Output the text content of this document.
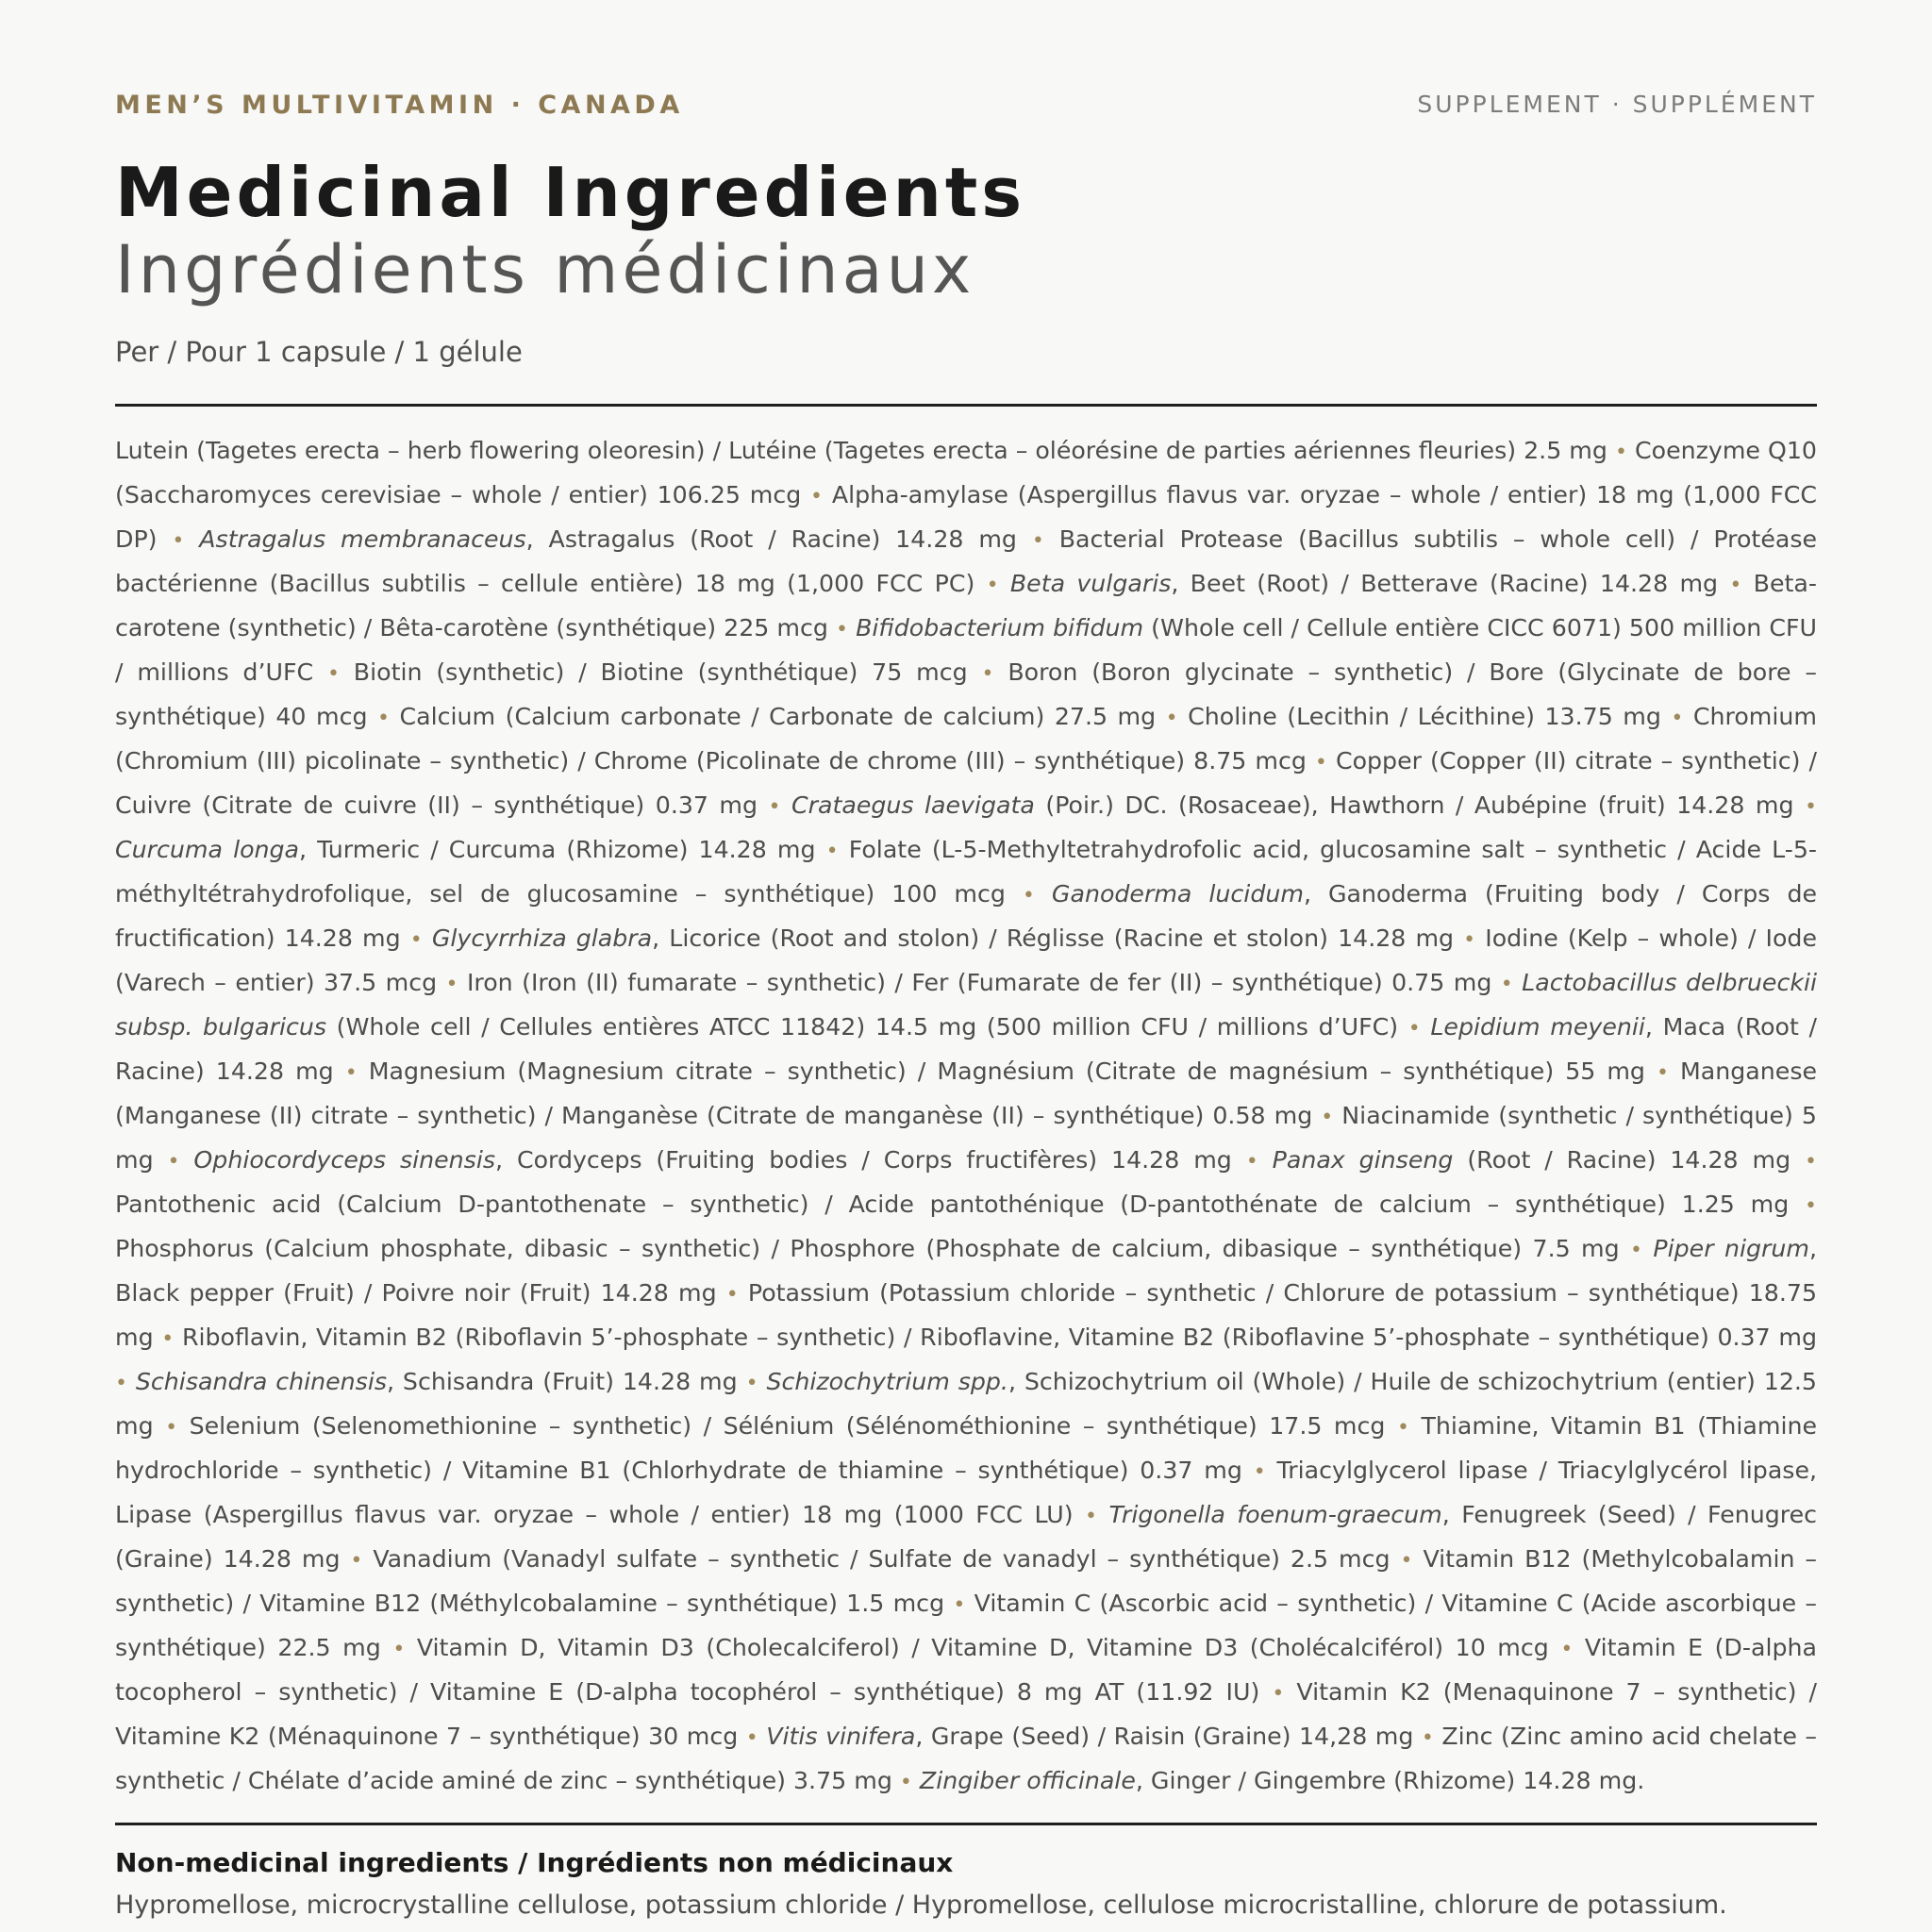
MEN’S MULTIVITAMIN · CANADA	SUPPLEMENT · SUPPLÉMENT
Medicinal Ingredients
Ingrédients médicinaux
Per / Pour 1 capsule / 1 gélule

Lutein (Tagetes erecta – herb flowering oleoresin) / Lutéine (Tagetes erecta – oléorésine de parties aériennes fleuries) 2.5 mg • Coenzyme Q10 (Saccharomyces cerevisiae – whole / entier) 106.25 mcg • Alpha-amylase (Aspergillus flavus var. oryzae – whole / entier) 18 mg (1,000 FCC DP) • Astragalus membranaceus, Astragalus (Root / Racine) 14.28 mg • Bacterial Protease (Bacillus subtilis – whole cell) / Protéase bactérienne (Bacillus subtilis – cellule entière) 18 mg (1,000 FCC PC) • Beta vulgaris, Beet (Root) / Betterave (Racine) 14.28 mg • Beta-carotene (synthetic) / Bêta-carotène (synthétique) 225 mcg • Bifidobacterium bifidum (Whole cell / Cellule entière CICC 6071) 500 million CFU / millions d’UFC • Biotin (synthetic) / Biotine (synthétique) 75 mcg • Boron (Boron glycinate – synthetic) / Bore (Glycinate de bore – synthétique) 40 mcg • Calcium (Calcium carbonate / Carbonate de calcium) 27.5 mg • Choline (Lecithin / Lécithine) 13.75 mg • Chromium (Chromium (III) picolinate – synthetic) / Chrome (Picolinate de chrome (III) – synthétique) 8.75 mcg • Copper (Copper (II) citrate – synthetic) / Cuivre (Citrate de cuivre (II) – synthétique) 0.37 mg • Crataegus laevigata (Poir.) DC. (Rosaceae), Hawthorn / Aubépine (fruit) 14.28 mg • Curcuma longa, Turmeric / Curcuma (Rhizome) 14.28 mg • Folate (L-5-Methyltetrahydrofolic acid, glucosamine salt – synthetic / Acide L-5-méthyltétrahydrofolique, sel de glucosamine – synthétique) 100 mcg • Ganoderma lucidum, Ganoderma (Fruiting body / Corps de fructification) 14.28 mg • Glycyrrhiza glabra, Licorice (Root and stolon) / Réglisse (Racine et stolon) 14.28 mg • Iodine (Kelp – whole) / Iode (Varech – entier) 37.5 mcg • Iron (Iron (II) fumarate – synthetic) / Fer (Fumarate de fer (II) – synthétique) 0.75 mg • Lactobacillus delbrueckii subsp. bulgaricus (Whole cell / Cellules entières ATCC 11842) 14.5 mg (500 million CFU / millions d’UFC) • Lepidium meyenii, Maca (Root / Racine) 14.28 mg • Magnesium (Magnesium citrate – synthetic) / Magnésium (Citrate de magnésium – synthétique) 55 mg • Manganese (Manganese (II) citrate – synthetic) / Manganèse (Citrate de manganèse (II) – synthétique) 0.58 mg • Niacinamide (synthetic / synthétique) 5 mg • Ophiocordyceps sinensis, Cordyceps (Fruiting bodies / Corps fructifères) 14.28 mg • Panax ginseng (Root / Racine) 14.28 mg • Pantothenic acid (Calcium D-pantothenate – synthetic) / Acide pantothénique (D-pantothénate de calcium – synthétique) 1.25 mg • Phosphorus (Calcium phosphate, dibasic – synthetic) / Phosphore (Phosphate de calcium, dibasique – synthétique) 7.5 mg • Piper nigrum, Black pepper (Fruit) / Poivre noir (Fruit) 14.28 mg • Potassium (Potassium chloride – synthetic / Chlorure de potassium – synthétique) 18.75 mg • Riboflavin, Vitamin B2 (Riboflavin 5’-phosphate – synthetic) / Riboflavine, Vitamine B2 (Riboflavine 5’-phosphate – synthétique) 0.37 mg • Schisandra chinensis, Schisandra (Fruit) 14.28 mg • Schizochytrium spp., Schizochytrium oil (Whole) / Huile de schizochytrium (entier) 12.5 mg • Selenium (Selenomethionine – synthetic) / Sélénium (Sélénométhionine – synthétique) 17.5 mcg • Thiamine, Vitamin B1 (Thiamine hydrochloride – synthetic) / Vitamine B1 (Chlorhydrate de thiamine – synthétique) 0.37 mg • Triacylglycerol lipase / Triacylglycérol lipase, Lipase (Aspergillus flavus var. oryzae – whole / entier) 18 mg (1000 FCC LU) • Trigonella foenum-graecum, Fenugreek (Seed) / Fenugrec (Graine) 14.28 mg • Vanadium (Vanadyl sulfate – synthetic / Sulfate de vanadyl – synthétique) 2.5 mcg • Vitamin B12 (Methylcobalamin – synthetic) / Vitamine B12 (Méthylcobalamine – synthétique) 1.5 mcg • Vitamin C (Ascorbic acid – synthetic) / Vitamine C (Acide ascorbique – synthétique) 22.5 mg • Vitamin D, Vitamin D3 (Cholecalciferol) / Vitamine D, Vitamine D3 (Cholécalciférol) 10 mcg • Vitamin E (D-alpha tocopherol – synthetic) / Vitamine E (D-alpha tocophérol – synthétique) 8 mg AT (11.92 IU) • Vitamin K2 (Menaquinone 7 – synthetic) / Vitamine K2 (Ménaquinone 7 – synthétique) 30 mcg • Vitis vinifera, Grape (Seed) / Raisin (Graine) 14,28 mg • Zinc (Zinc amino acid chelate – synthetic / Chélate d’acide aminé de zinc – synthétique) 3.75 mg • Zingiber officinale, Ginger / Gingembre (Rhizome) 14.28 mg.

Non-medicinal ingredients / Ingrédients non médicinaux
Hypromellose, microcrystalline cellulose, potassium chloride / Hypromellose, cellulose microcristalline, chlorure de potassium.
